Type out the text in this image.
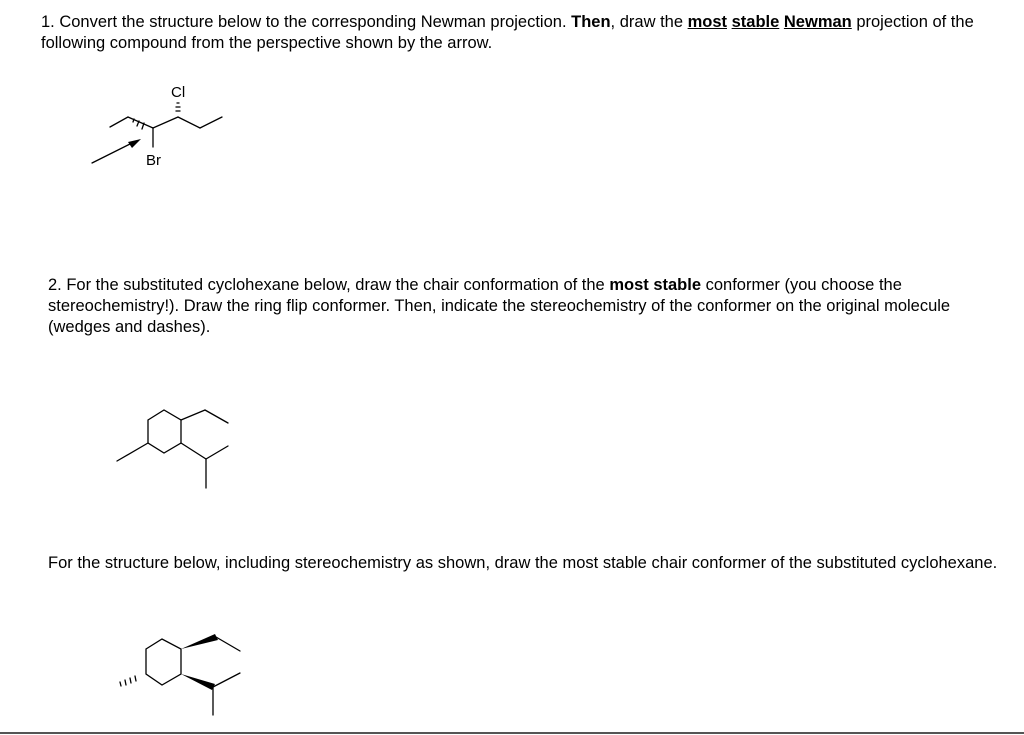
1. Convert the structure below to the corresponding Newman projection. Then, draw the most stable Newman projection of the following compound from the perspective shown by the arrow.

2. For the substituted cyclohexane below, draw the chair conformation of the most stable conformer (you choose the stereochemistry!). Draw the ring flip conformer. Then, indicate the stereochemistry of the conformer on the original molecule (wedges and dashes).

For the structure below, including stereochemistry as shown, draw the most stable chair conformer of the substituted cyclohexane.

Cl
Br
